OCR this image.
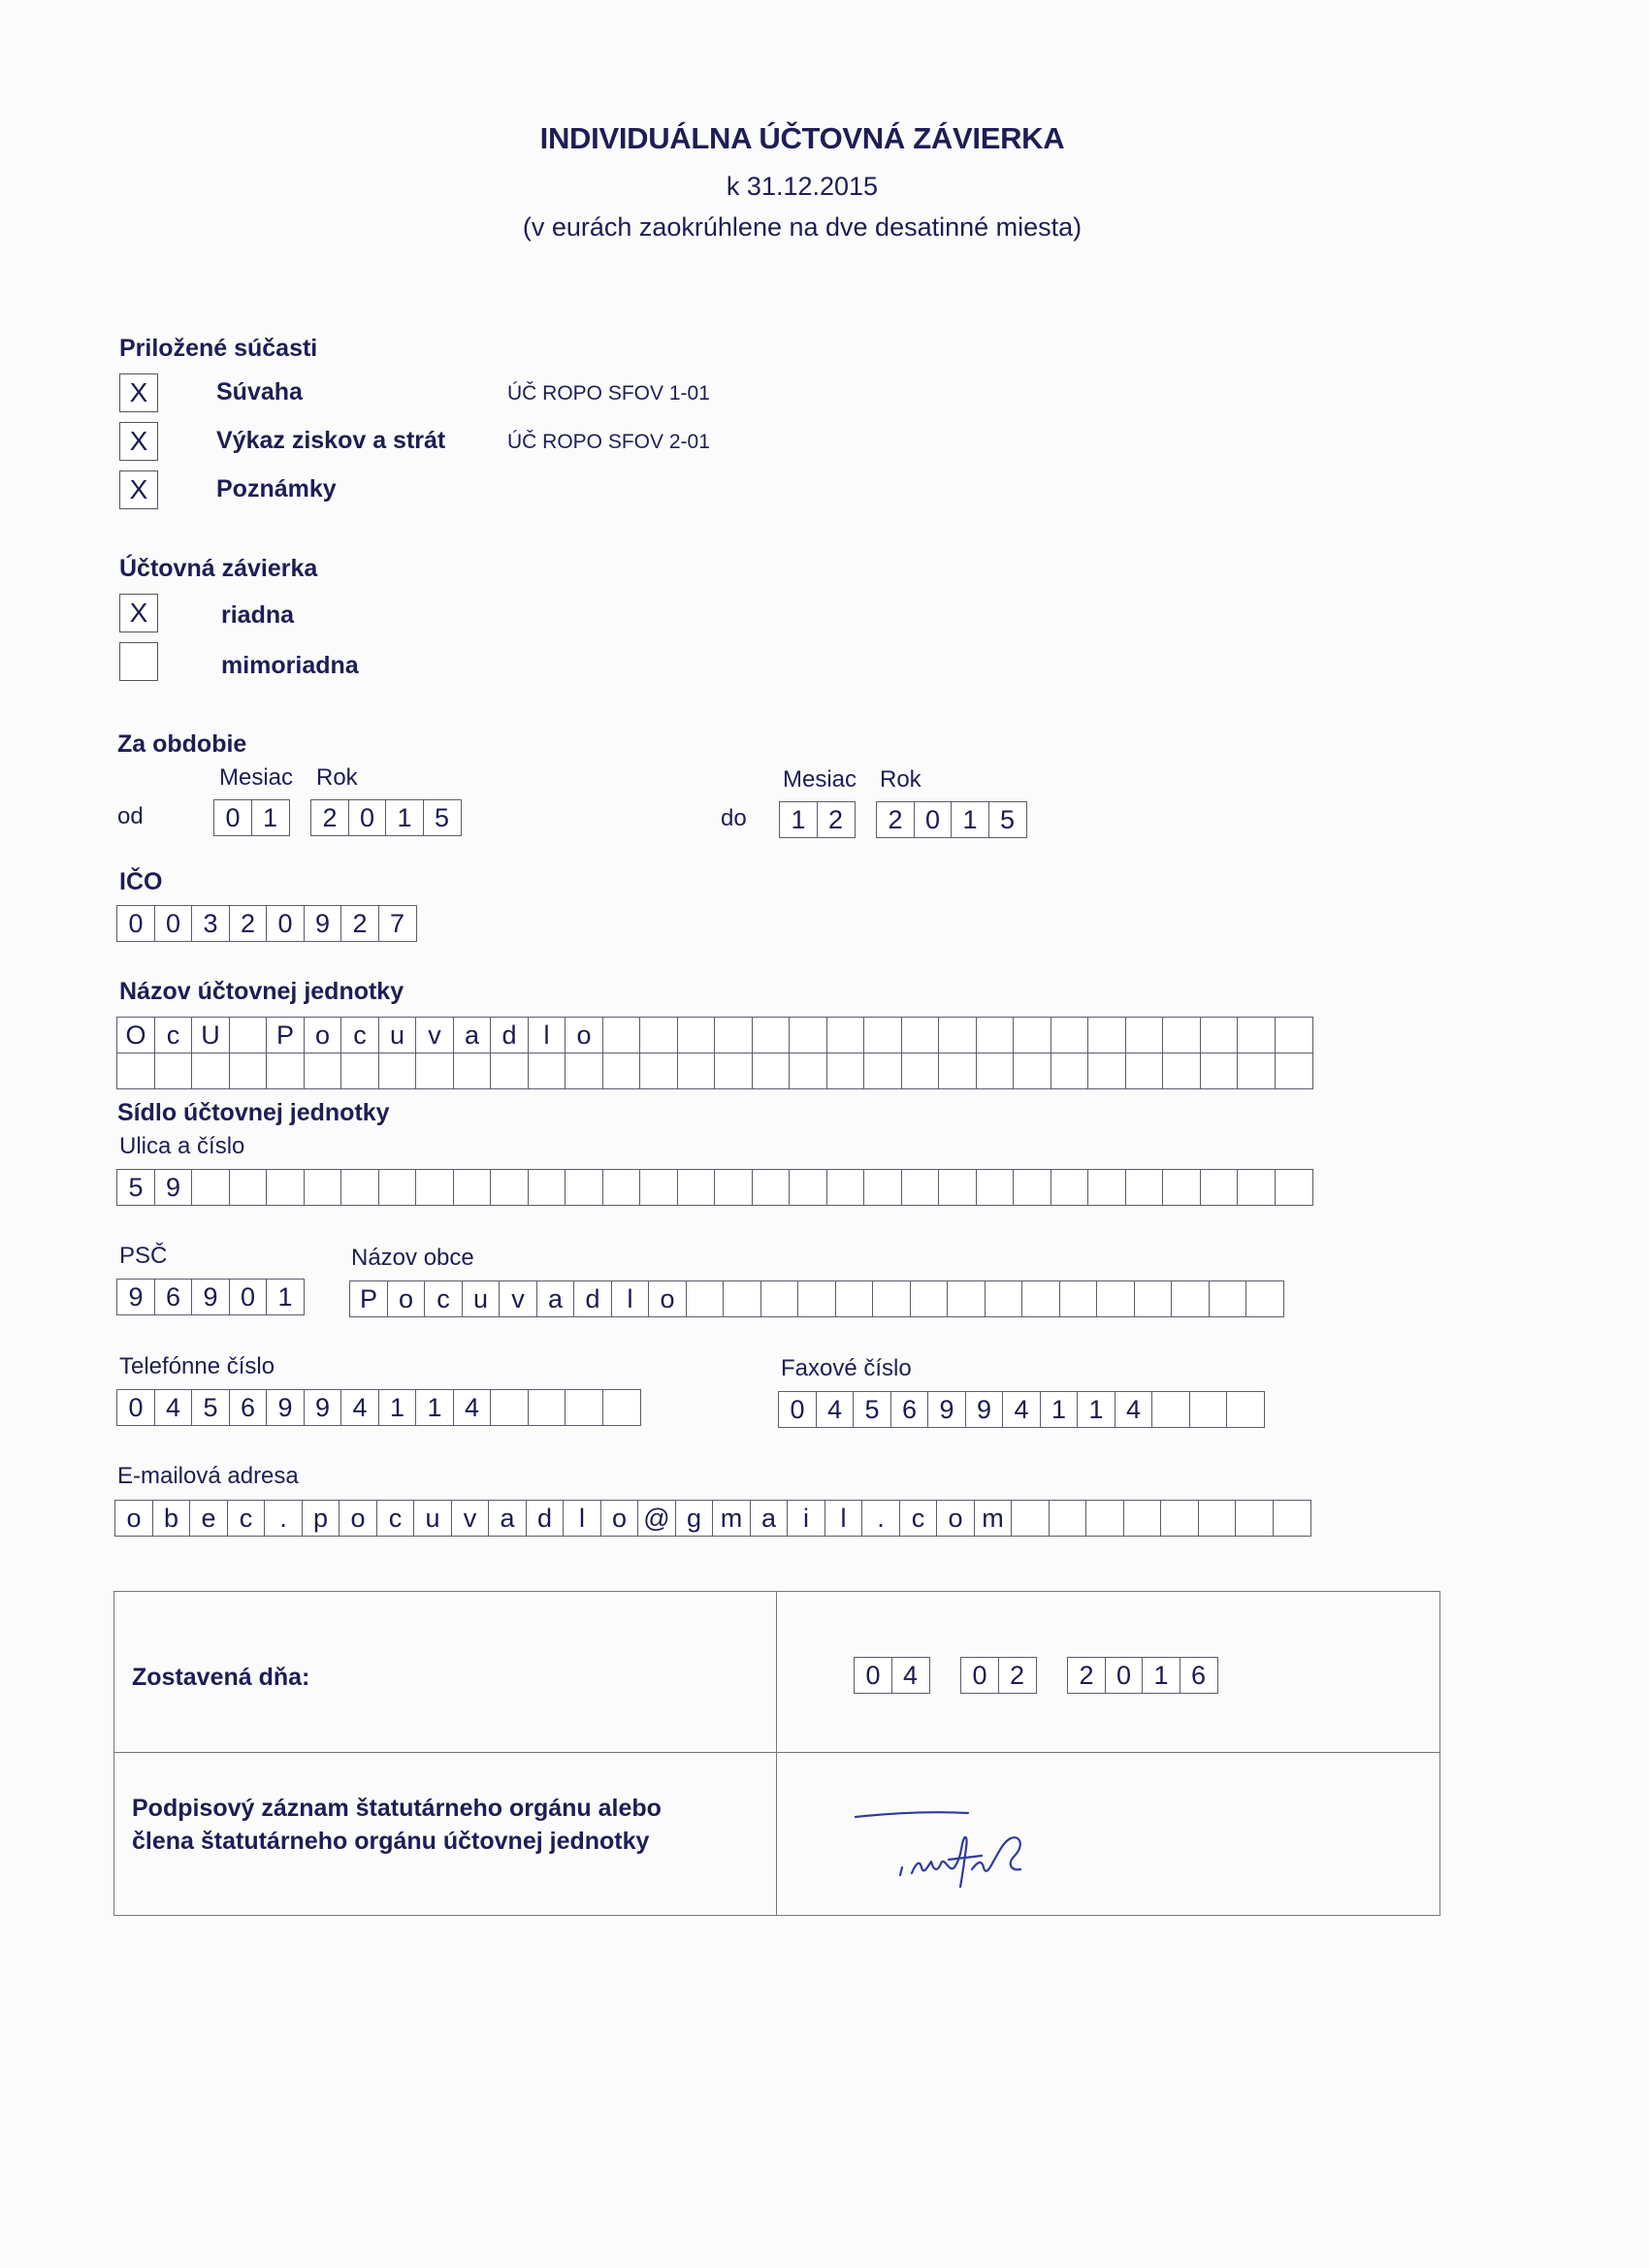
INDIVIDUÁLNA ÚČTOVNÁ ZÁVIERKA
k 31.12.2015
(v eurách zaokrúhlene na dve desatinné miesta)
Priložené súčasti
X	Súvaha	ÚČ ROPO SFOV 1-01
X	Výkaz ziskov a strát	ÚČ ROPO SFOV 2-01
X	Poznámky
Účtovná závierka
X	riadna
mimoriadna
Za obdobie
Mesiac Rok
od	0 1	2 0 1 5
Mesiac Rok
do	1 2	2 0 1 5
IČO
0 0 3 2 0 9 2 7
Názov účtovnej jednotky
O c U	P o c u v a d	l	o
Sídlo účtovnej jednotky
Ulica a číslo
5 9
PSČ	Názov obce
9 6 9 0 1	P o c u v a d	l	o
Telefónne číslo
0 4 5 6 9 9 4 1 1 4
Faxové číslo
0 4 5 6 9 9 4 1 1 4
E-mailová adresa
o b e c	.	p o c u v a d	l	o @ g m a	i	l	.	c o m
Zostavená dňa:	0 4	0 2	2 0 1 6
Podpisový záznam štatutárneho orgánu alebo
člena štatutárneho orgánu účtovnej jednotky
